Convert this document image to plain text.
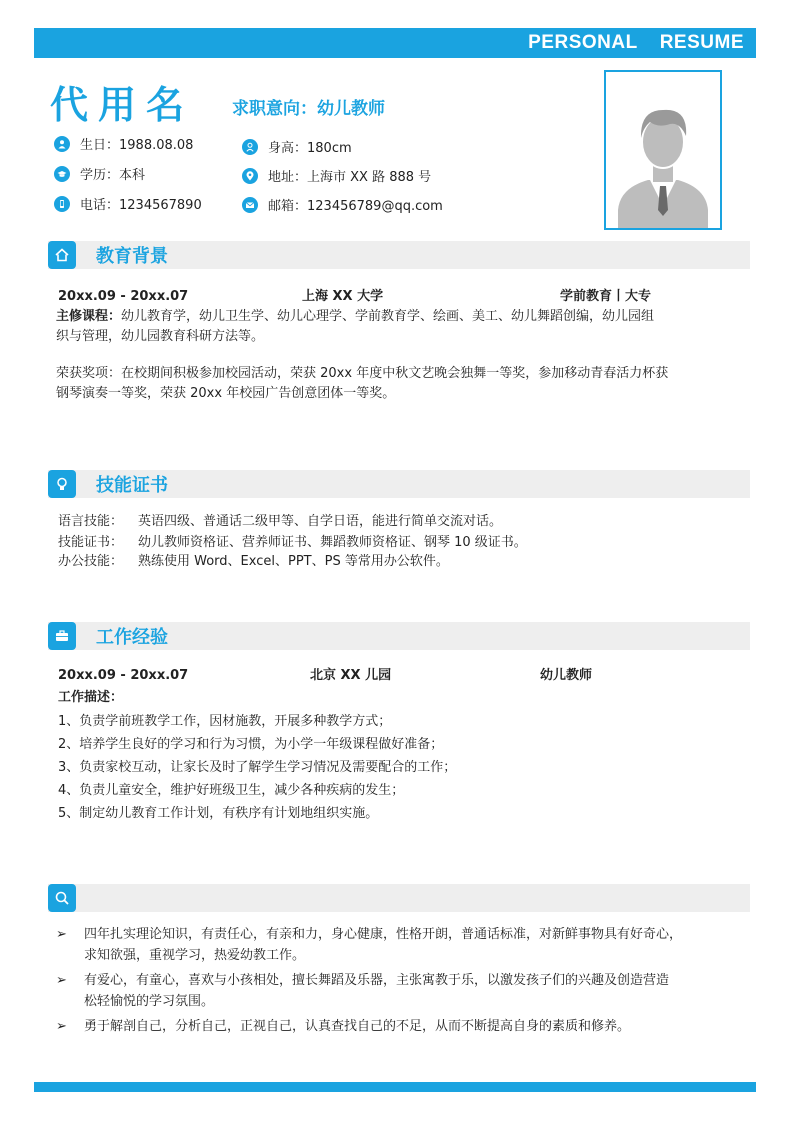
PERSONAL RESUME
代用名 求职意向：幼儿教师
生日：1988.08.08
学历：本科
电话：1234567890
身高：180cm
地址：上海市 XX 路 888 号
邮箱：123456789@qq.com
教育背景
20xx.09 - 20xx.07	上海 XX 大学	学前教育丨大专
主修课程：幼儿教育学，幼儿卫生学、幼儿心理学、学前教育学、绘画、美工、幼儿舞蹈创编，幼儿园组
织与管理，幼儿园教育科研方法等。
荣获奖项：在校期间积极参加校园活动，荣获 20xx 年度中秋文艺晚会独舞一等奖，参加移动青春活力杯获
钢琴演奏一等奖，荣获 20xx 年校园广告创意团体一等奖。
技能证书
语言技能： 英语四级、普通话二级甲等、自学日语，能进行简单交流对话。
技能证书： 幼儿教师资格证、营养师证书、舞蹈教师资格证、钢琴 10 级证书。
办公技能： 熟练使用 Word、Excel、PPT、PS 等常用办公软件。
工作经验
20xx.09 - 20xx.07	北京 XX 儿园	幼儿教师
工作描述：
1、负责学前班教学工作，因材施教，开展多种教学方式；
2、培养学生良好的学习和行为习惯，为小学一年级课程做好准备；
3、负责家校互动，让家长及时了解学生学习情况及需要配合的工作；
4、负责儿童安全，维护好班级卫生，减少各种疾病的发生；
5、制定幼儿教育工作计划，有秩序有计划地组织实施。
➢	四年扎实理论知识，有责任心，有亲和力，身心健康，性格开朗，普通话标准，对新鲜事物具有好奇心，
求知欲强，重视学习，热爱幼教工作。
➢	有爱心，有童心，喜欢与小孩相处，擅长舞蹈及乐器，主张寓教于乐，以激发孩子们的兴趣及创造营造
松轻愉悦的学习氛围。
➢	勇于解剖自己，分析自己，正视自己，认真查找自己的不足，从而不断提高自身的素质和修养。
